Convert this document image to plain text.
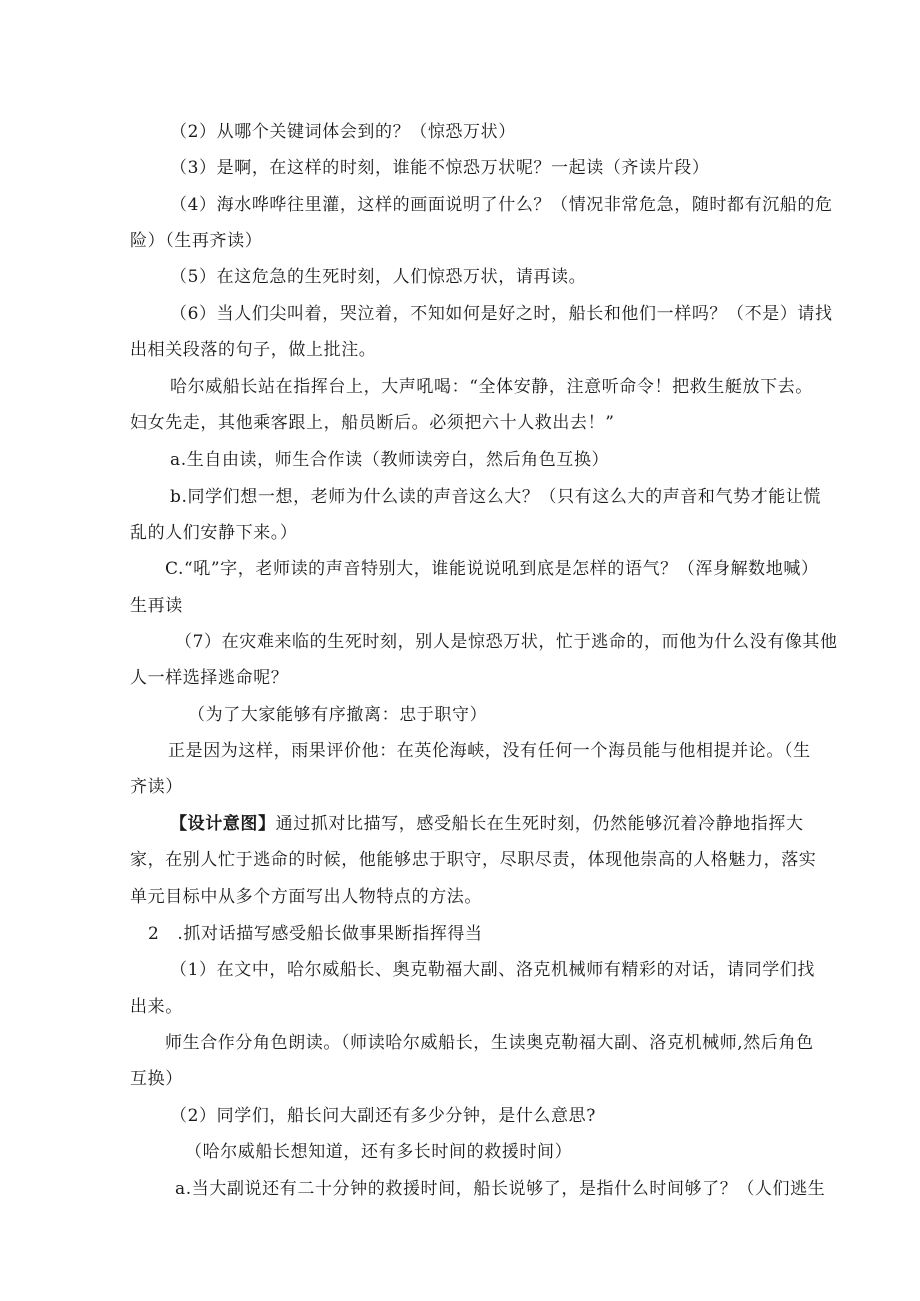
（2）从哪个关键词体会到的？（惊恐万状）
（3）是啊，在这样的时刻，谁能不惊恐万状呢？一起读（齐读片段）
（4）海水哗哗往里灌，这样的画面说明了什么？（情况非常危急，随时都有沉船的危
险）（生再齐读）
（5）在这危急的生死时刻，人们惊恐万状，请再读。
（6）当人们尖叫着，哭泣着，不知如何是好之时，船长和他们一样吗？（不是）请找
出相关段落的句子，做上批注。
哈尔威船长站在指挥台上，大声吼喝：“全体安静，注意听命令！把救生艇放下去。
妇女先走，其他乘客跟上，船员断后。必须把六十人救出去！”
a.生自由读，师生合作读（教师读旁白，然后角色互换）
b.同学们想一想，老师为什么读的声音这么大？（只有这么大的声音和气势才能让慌
乱的人们安静下来。）
C.“吼”字，老师读的声音特别大，谁能说说吼到底是怎样的语气？（浑身解数地喊）
生再读
（7）在灾难来临的生死时刻，别人是惊恐万状，忙于逃命的，而他为什么没有像其他
人一样选择逃命呢？
（为了大家能够有序撤离：忠于职守）
正是因为这样，雨果评价他：在英伦海峡，没有任何一个海员能与他相提并论。（生
齐读）
【设计意图】通过抓对比描写，感受船长在生死时刻，仍然能够沉着冷静地指挥大
家，在别人忙于逃命的时候，他能够忠于职守，尽职尽责，体现他崇高的人格魅力，落实
单元目标中从多个方面写出人物特点的方法。
2 .抓对话描写感受船长做事果断指挥得当
（1）在文中，哈尔威船长、奥克勒福大副、洛克机械师有精彩的对话，请同学们找
出来。
师生合作分角色朗读。（师读哈尔威船长，生读奥克勒福大副、洛克机械师,然后角色
互换）
（2）同学们，船长问大副还有多少分钟，是什么意思?
（哈尔威船长想知道，还有多长时间的救援时间）
a.当大副说还有二十分钟的救援时间，船长说够了，是指什么时间够了？（人们逃生
